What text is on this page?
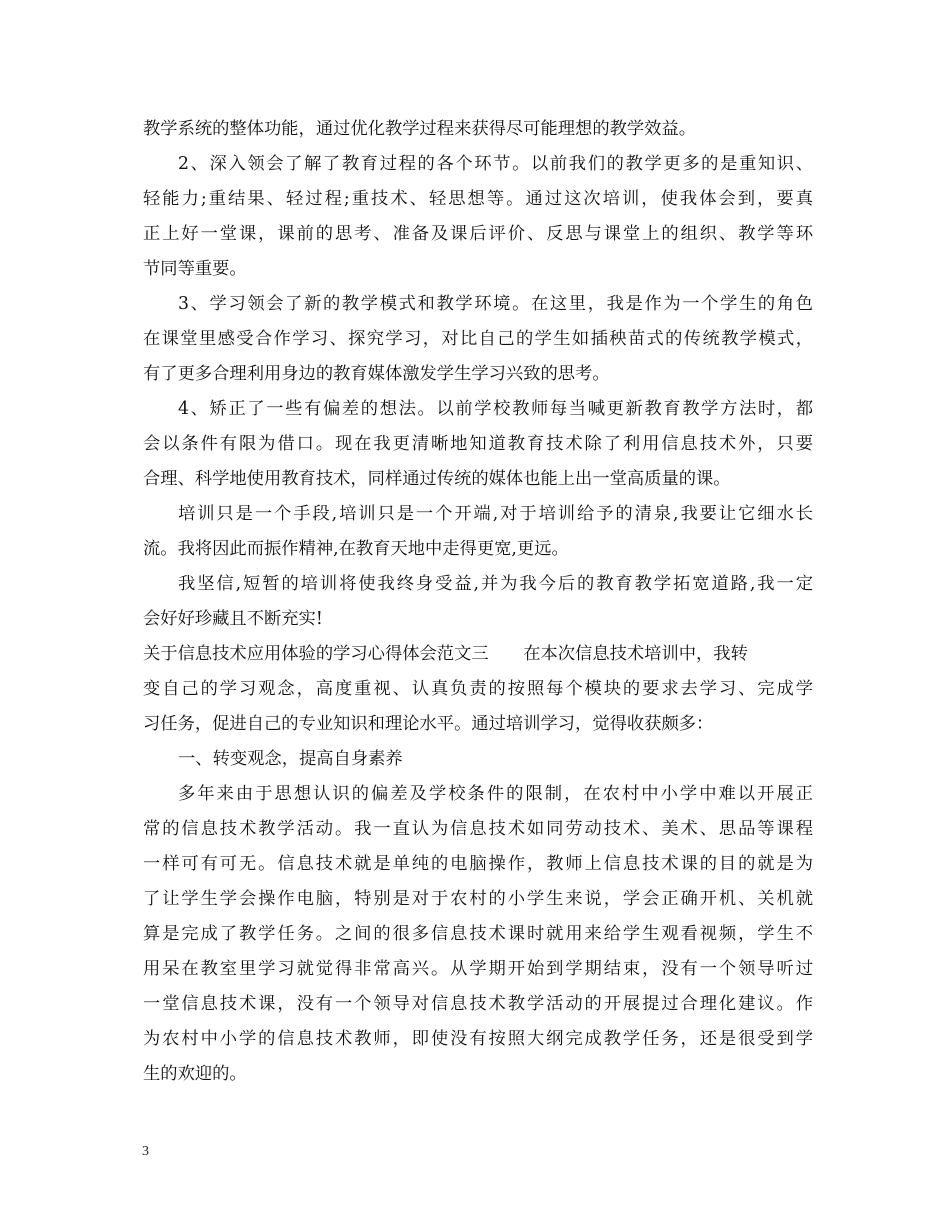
教学系统的整体功能，通过优化教学过程来获得尽可能理想的教学效益。
2、深入领会了解了教育过程的各个环节。以前我们的教学更多的是重知识、
轻能力;重结果、轻过程;重技术、轻思想等。通过这次培训，使我体会到，要真
正上好一堂课，课前的思考、准备及课后评价、反思与课堂上的组织、教学等环
节同等重要。
3、学习领会了新的教学模式和教学环境。在这里，我是作为一个学生的角色
在课堂里感受合作学习、探究学习，对比自己的学生如插秧苗式的传统教学模式，
有了更多合理利用身边的教育媒体激发学生学习兴致的思考。
4、矫正了一些有偏差的想法。以前学校教师每当喊更新教育教学方法时，都
会以条件有限为借口。现在我更清晰地知道教育技术除了利用信息技术外，只要
合理、科学地使用教育技术，同样通过传统的媒体也能上出一堂高质量的课。
培训只是一个手段,培训只是一个开端,对于培训给予的清泉,我要让它细水长
流。我将因此而振作精神,在教育天地中走得更宽,更远。
我坚信,短暂的培训将使我终身受益,并为我今后的教育教学拓宽道路,我一定
会好好珍藏且不断充实!
关于信息技术应用体验的学习心得体会范文三　　在本次信息技术培训中，我转
变自己的学习观念，高度重视、认真负责的按照每个模块的要求去学习、完成学
习任务，促进自己的专业知识和理论水平。通过培训学习，觉得收获颇多：
一、转变观念，提高自身素养
多年来由于思想认识的偏差及学校条件的限制，在农村中小学中难以开展正
常的信息技术教学活动。我一直认为信息技术如同劳动技术、美术、思品等课程
一样可有可无。信息技术就是单纯的电脑操作，教师上信息技术课的目的就是为
了让学生学会操作电脑，特别是对于农村的小学生来说，学会正确开机、关机就
算是完成了教学任务。之间的很多信息技术课时就用来给学生观看视频，学生不
用呆在教室里学习就觉得非常高兴。从学期开始到学期结束，没有一个领导听过
一堂信息技术课，没有一个领导对信息技术教学活动的开展提过合理化建议。作
为农村中小学的信息技术教师，即使没有按照大纲完成教学任务，还是很受到学
生的欢迎的。
3
